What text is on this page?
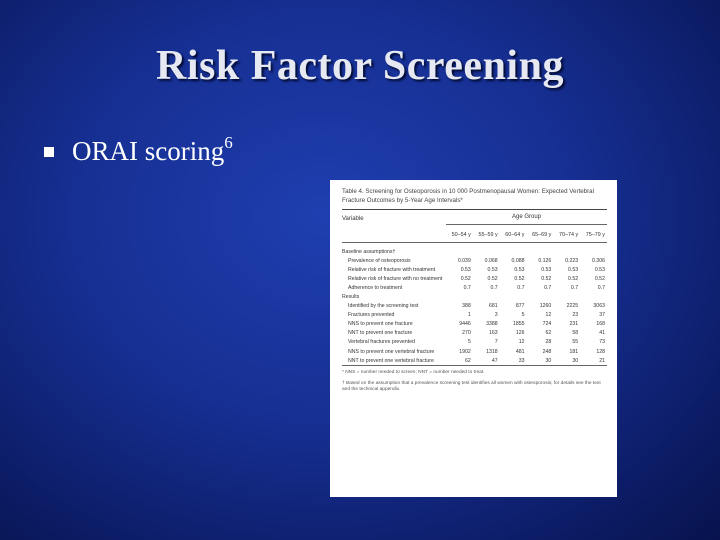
Risk Factor Screening
ORAI scoring$^6$
Table 4. Screening for Osteoporosis in 10 000 Postmenopausal Women: Expected Vertebral Fracture Outcomes by 5-Year Age Intervals*
Variable	Age Group
50–54 y	55–59 y	60–64 y	65–69 y	70–74 y	75–79 y
Baseline assumptions†
Prevalence of osteoporosis	0.039	0.068	0.088	0.126	0.223	0.306
Relative risk of fracture with treatment	0.53	0.53	0.53	0.53	0.53	0.53
Relative risk of fracture with no treatment	0.52	0.52	0.52	0.52	0.52	0.52
Adherence to treatment	0.7	0.7	0.7	0.7	0.7	0.7
Results
Identified by the screening test	388	681	877	1260	2225	3063
Fractures prevented	1	3	5	12	23	37
NNS to prevent one fracture	9446	3388	1855	724	231	168
NNT to prevent one fracture	270	163	126	62	58	41
Vertebral fractures prevented	5	7	12	28	55	73
NNS to prevent one vertebral fracture	1902	1318	481	248	181	128
NNT to prevent one vertebral fracture	62	47	33	30	30	21
* NNS = number needed to screen; NNT = number needed to treat.
† Based on the assumption that a prevalence screening test identifies all women with osteoporosis; for details see the text and the technical appendix.
